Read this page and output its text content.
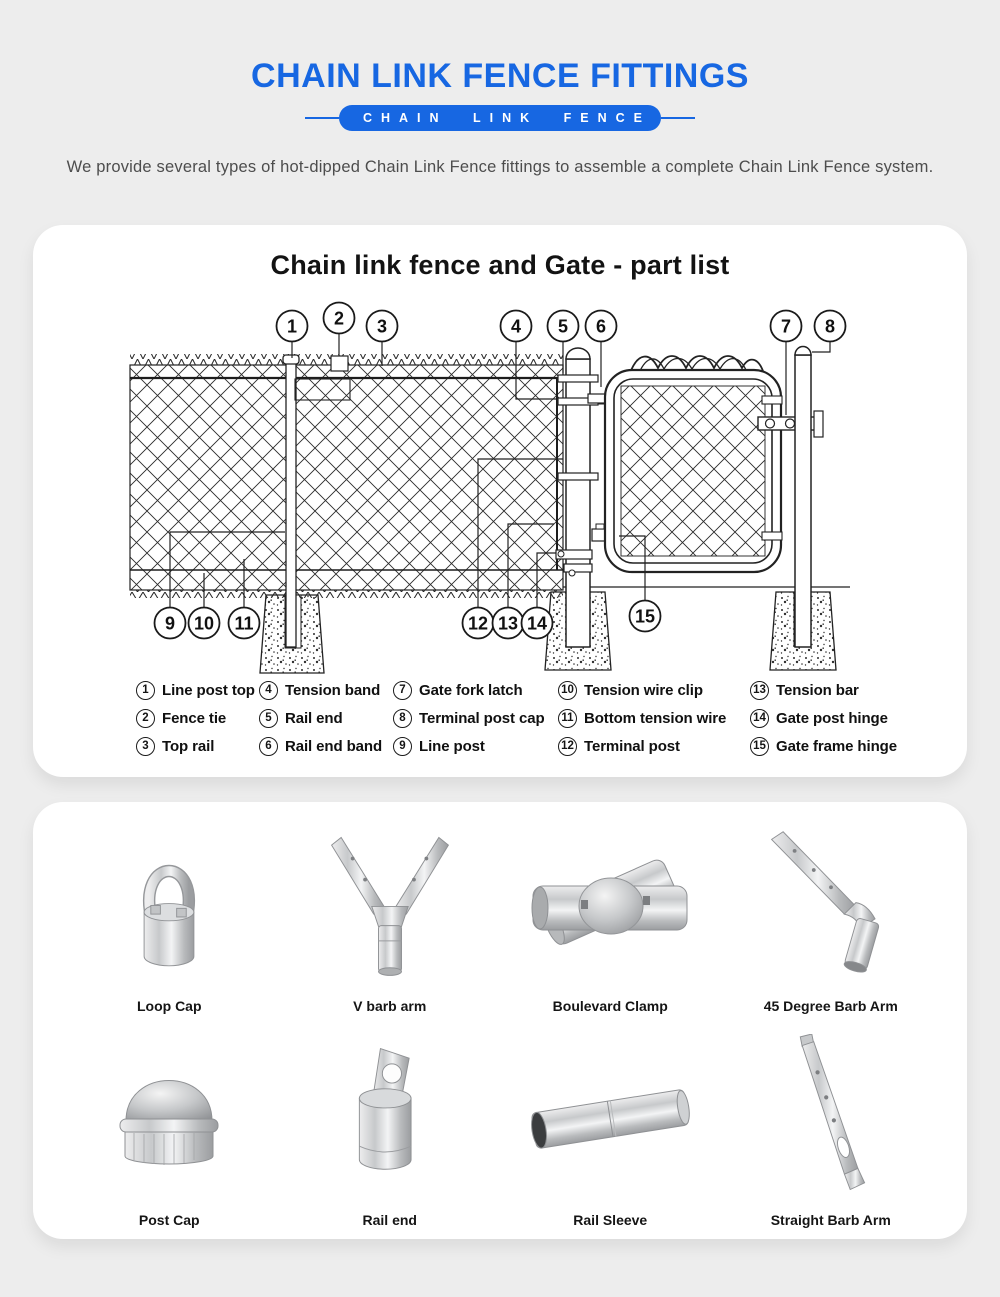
CHAIN LINK FENCE FITTINGS
CHAIN LINK FENCE
We provide several types of hot-dipped Chain Link Fence fittings to assemble a complete Chain Link Fence system.
Chain link fence and Gate - part list
1 2 3	4 5 6	7 8
9 10 11	12 13 14	15
1 Line post top
2 Fence tie
3 Top rail
4 Tension band
5 Rail end
6 Rail end band
7 Gate fork latch
8 Terminal post cap
9 Line post
10 Tension wire clip
11 Bottom tension wire
12 Terminal post
13 Tension bar
14 Gate post hinge
15 Gate frame hinge
Loop Cap	V barb arm	Boulevard Clamp	45 Degree Barb Arm
Post Cap	Rail end	Rail Sleeve	Straight Barb Arm
